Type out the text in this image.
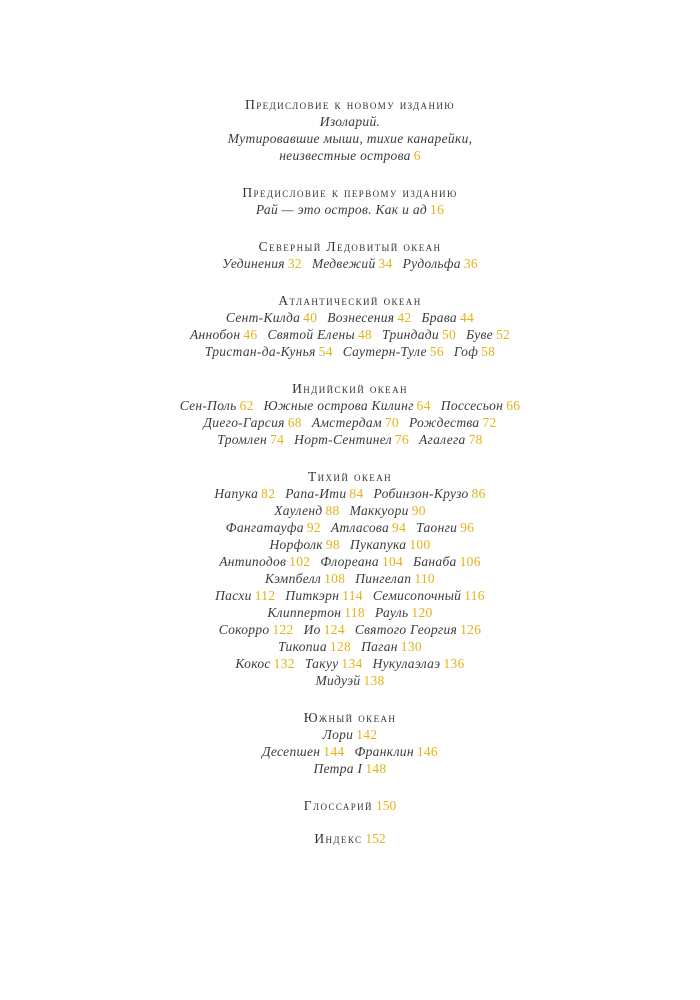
Предисловие к новому изданию
Изоларий.
Мутировавшие мыши, тихие канарейки,
неизвестные острова 6
Предисловие к первому изданию
Рай — это остров. Как и ад 16
Северный Ледовитый океан
Уединения 32 Медвежий 34 Рудольфа 36
Атлантический океан
Сент-Килда 40 Вознесения 42 Брава 44
Аннобон 46 Святой Елены 48 Триндади 50 Буве 52
Тристан-да-Кунья 54 Саутерн-Туле 56 Гоф 58
Индийский океан
Сен-Поль 62 Южные острова Килинг 64 Поссесьон 66
Диего-Гарсия 68 Амстердам 70 Рождества 72
Тромлен 74 Норт-Сентинел 76 Агалега 78
Тихий океан
Напука 82 Рапа-Ити 84 Робинзон-Крузо 86
Хауленд 88 Маккуори 90
Фангатауфа 92 Атласова 94 Таонги 96
Норфолк 98 Пукапука 100
Антиподов 102 Флореана 104 Банаба 106
Кэмпбелл 108 Пингелап 110
Пасхи 112 Питкэрн 114 Семисопочный 116
Клиппертон 118 Рауль 120
Сокорро 122 Ио 124 Святого Георгия 126
Тикопиа 128 Паган 130
Кокос 132 Такуу 134 Нукулаэлаэ 136
Мидуэй 138
Южный океан
Лори 142
Десепшен 144 Франклин 146
Петра I 148
Глоссарий 150
Индекс 152
